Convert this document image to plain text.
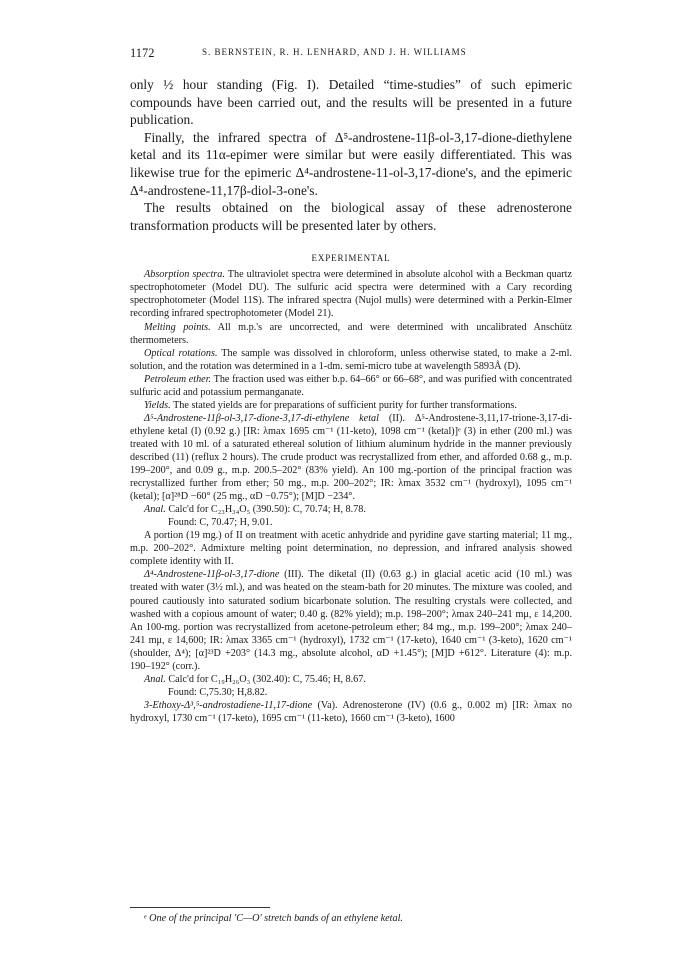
1172	S. BERNSTEIN, R. H. LENHARD, AND J. H. WILLIAMS

only ½ hour standing (Fig. I). Detailed “time-studies” of such epimeric compounds have been carried out, and the results will be presented in a future publication.

Finally, the infrared spectra of Δ⁵-androstene-11β-ol-3,17-dione-diethylene ketal and its 11α-epimer were similar but were easily differentiated. This was likewise true for the epimeric Δ⁴-androstene-11-ol-3,17-dione's, and the epimeric Δ⁴-androstene-11,17β-diol-3-one's.

The results obtained on the biological assay of these adrenosterone transformation products will be presented later by others.

EXPERIMENTAL

Absorption spectra. The ultraviolet spectra were determined in absolute alcohol with a Beckman quartz spectrophotometer (Model DU). The sulfuric acid spectra were determined with a Cary recording spectrophotometer (Model 11S). The infrared spectra (Nujol mulls) were determined with a Perkin-Elmer recording infrared spectrophotometer (Model 21).

Melting points. All m.p.'s are uncorrected, and were determined with uncalibrated Anschütz thermometers.

Optical rotations. The sample was dissolved in chloroform, unless otherwise stated, to make a 2-ml. solution, and the rotation was determined in a 1-dm. semi-micro tube at wavelength 5893Å (D).

Petroleum ether. The fraction used was either b.p. 64–66° or 66–68°, and was purified with concentrated sulfuric acid and potassium permanganate.

Yields. The stated yields are for preparations of sufficient purity for further transformations.

Δ⁵-Androstene-11β-ol-3,17-dione-3,17-di-ethylene ketal (II). Δ⁵-Androstene-3,11,17-trione-3,17-di-ethylene ketal (I) (0.92 g.) [IR: λmax 1695 cm⁻¹ (11-keto), 1098 cm⁻¹ (ketal)]ᵉ (3) in ether (200 ml.) was treated with 10 ml. of a saturated ethereal solution of lithium aluminum hydride in the manner previously described (11) (reflux 2 hours). The crude product was recrystallized from ether, and afforded 0.68 g., m.p. 199–200°, and 0.09 g., m.p. 200.5–202° (83% yield). An 100 mg.-portion of the principal fraction was recrystallized further from ether; 50 mg., m.p. 200–202°; IR: λmax 3532 cm⁻¹ (hydroxyl), 1095 cm⁻¹ (ketal); [α]²⁸D −60° (25 mg., αD −0.75°); [M]D −234°.

Anal. Calc'd for C₂₃H₃₄O₅ (390.50): C, 70.74; H, 8.78.

Found: C, 70.47; H, 9.01.

A portion (19 mg.) of II on treatment with acetic anhydride and pyridine gave starting material; 11 mg., m.p. 200–202°. Admixture melting point determination, no depression, and infrared analysis showed complete identity with II.

Δ⁴-Androstene-11β-ol-3,17-dione (III). The diketal (II) (0.63 g.) in glacial acetic acid (10 ml.) was treated with water (3½ ml.), and was heated on the steam-bath for 20 minutes. The mixture was cooled, and poured cautiously into saturated sodium bicarbonate solution. The resulting crystals were collected, and washed with a copious amount of water; 0.40 g. (82% yield); m.p. 198–200°; λmax 240–241 mμ, ε 14,200. An 100-mg. portion was recrystallized from acetone-petroleum ether; 84 mg., m.p. 199–200°; λmax 240–241 mμ, ε 14,600; IR: λmax 3365 cm⁻¹ (hydroxyl), 1732 cm⁻¹ (17-keto), 1640 cm⁻¹ (3-keto), 1620 cm⁻¹ (shoulder, Δ⁴); [α]²³D +203° (14.3 mg., absolute alcohol, αD +1.45°); [M]D +612°. Literature (4): m.p. 190–192° (corr.).

Anal. Calc'd for C₁₉H₂₆O₃ (302.40): C, 75.46; H, 8.67.

Found: C,75.30; H,8.82.

3-Ethoxy-Δ³,⁵-androstadiene-11,17-dione (Va). Adrenosterone (IV) (0.6 g., 0.002 m) [IR: λmax no hydroxyl, 1730 cm⁻¹ (17-keto), 1695 cm⁻¹ (11-keto), 1660 cm⁻¹ (3-keto), 1600

ᵉ One of the principal 'C—O' stretch bands of an ethylene ketal.
